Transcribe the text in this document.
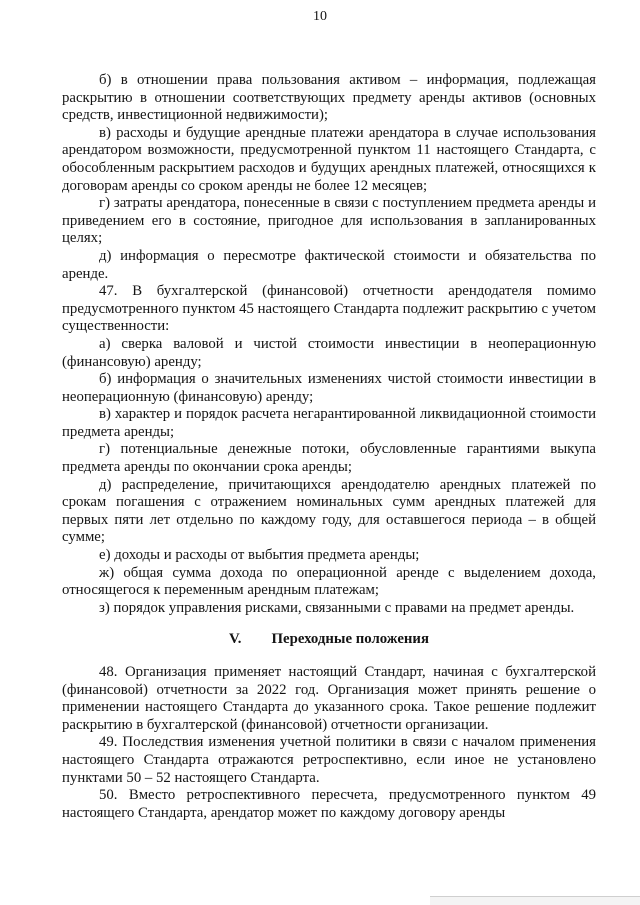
10

б) в отношении права пользования активом – информация, подлежащая раскрытию в отношении соответствующих предмету аренды активов (основных средств, инвестиционной недвижимости);

в) расходы и будущие арендные платежи арендатора в случае использования арендатором возможности, предусмотренной пунктом 11 настоящего Стандарта, с обособленным раскрытием расходов и будущих арендных платежей, относящихся к договорам аренды со сроком аренды не более 12 месяцев;

г) затраты арендатора, понесенные в связи с поступлением предмета аренды и приведением его в состояние, пригодное для использования в запланированных целях;

д) информация о пересмотре фактической стоимости и обязательства по аренде.

47. В бухгалтерской (финансовой) отчетности арендодателя помимо предусмотренного пунктом 45 настоящего Стандарта подлежит раскрытию с учетом существенности:

а) сверка валовой и чистой стоимости инвестиции в неоперационную (финансовую) аренду;

б) информация о значительных изменениях чистой стоимости инвестиции в неоперационную (финансовую) аренду;

в) характер и порядок расчета негарантированной ликвидационной стоимости предмета аренды;

г) потенциальные денежные потоки, обусловленные гарантиями выкупа предмета аренды по окончании срока аренды;

д) распределение, причитающихся арендодателю арендных платежей по срокам погашения с отражением номинальных сумм арендных платежей для первых пяти лет отдельно по каждому году, для оставшегося периода – в общей сумме;

е) доходы и расходы от выбытия предмета аренды;

ж) общая сумма дохода по операционной аренде с выделением дохода, относящегося к переменным арендным платежам;

з) порядок управления рисками, связанными с правами на предмет аренды.

V. Переходные положения

48. Организация применяет настоящий Стандарт, начиная с бухгалтерской (финансовой) отчетности за 2022 год. Организация может принять решение о применении настоящего Стандарта до указанного срока. Такое решение подлежит раскрытию в бухгалтерской (финансовой) отчетности организации.

49. Последствия изменения учетной политики в связи с началом применения настоящего Стандарта отражаются ретроспективно, если иное не установлено пунктами 50 – 52 настоящего Стандарта.

50. Вместо ретроспективного пересчета, предусмотренного пунктом 49 настоящего Стандарта, арендатор может по каждому договору аренды
